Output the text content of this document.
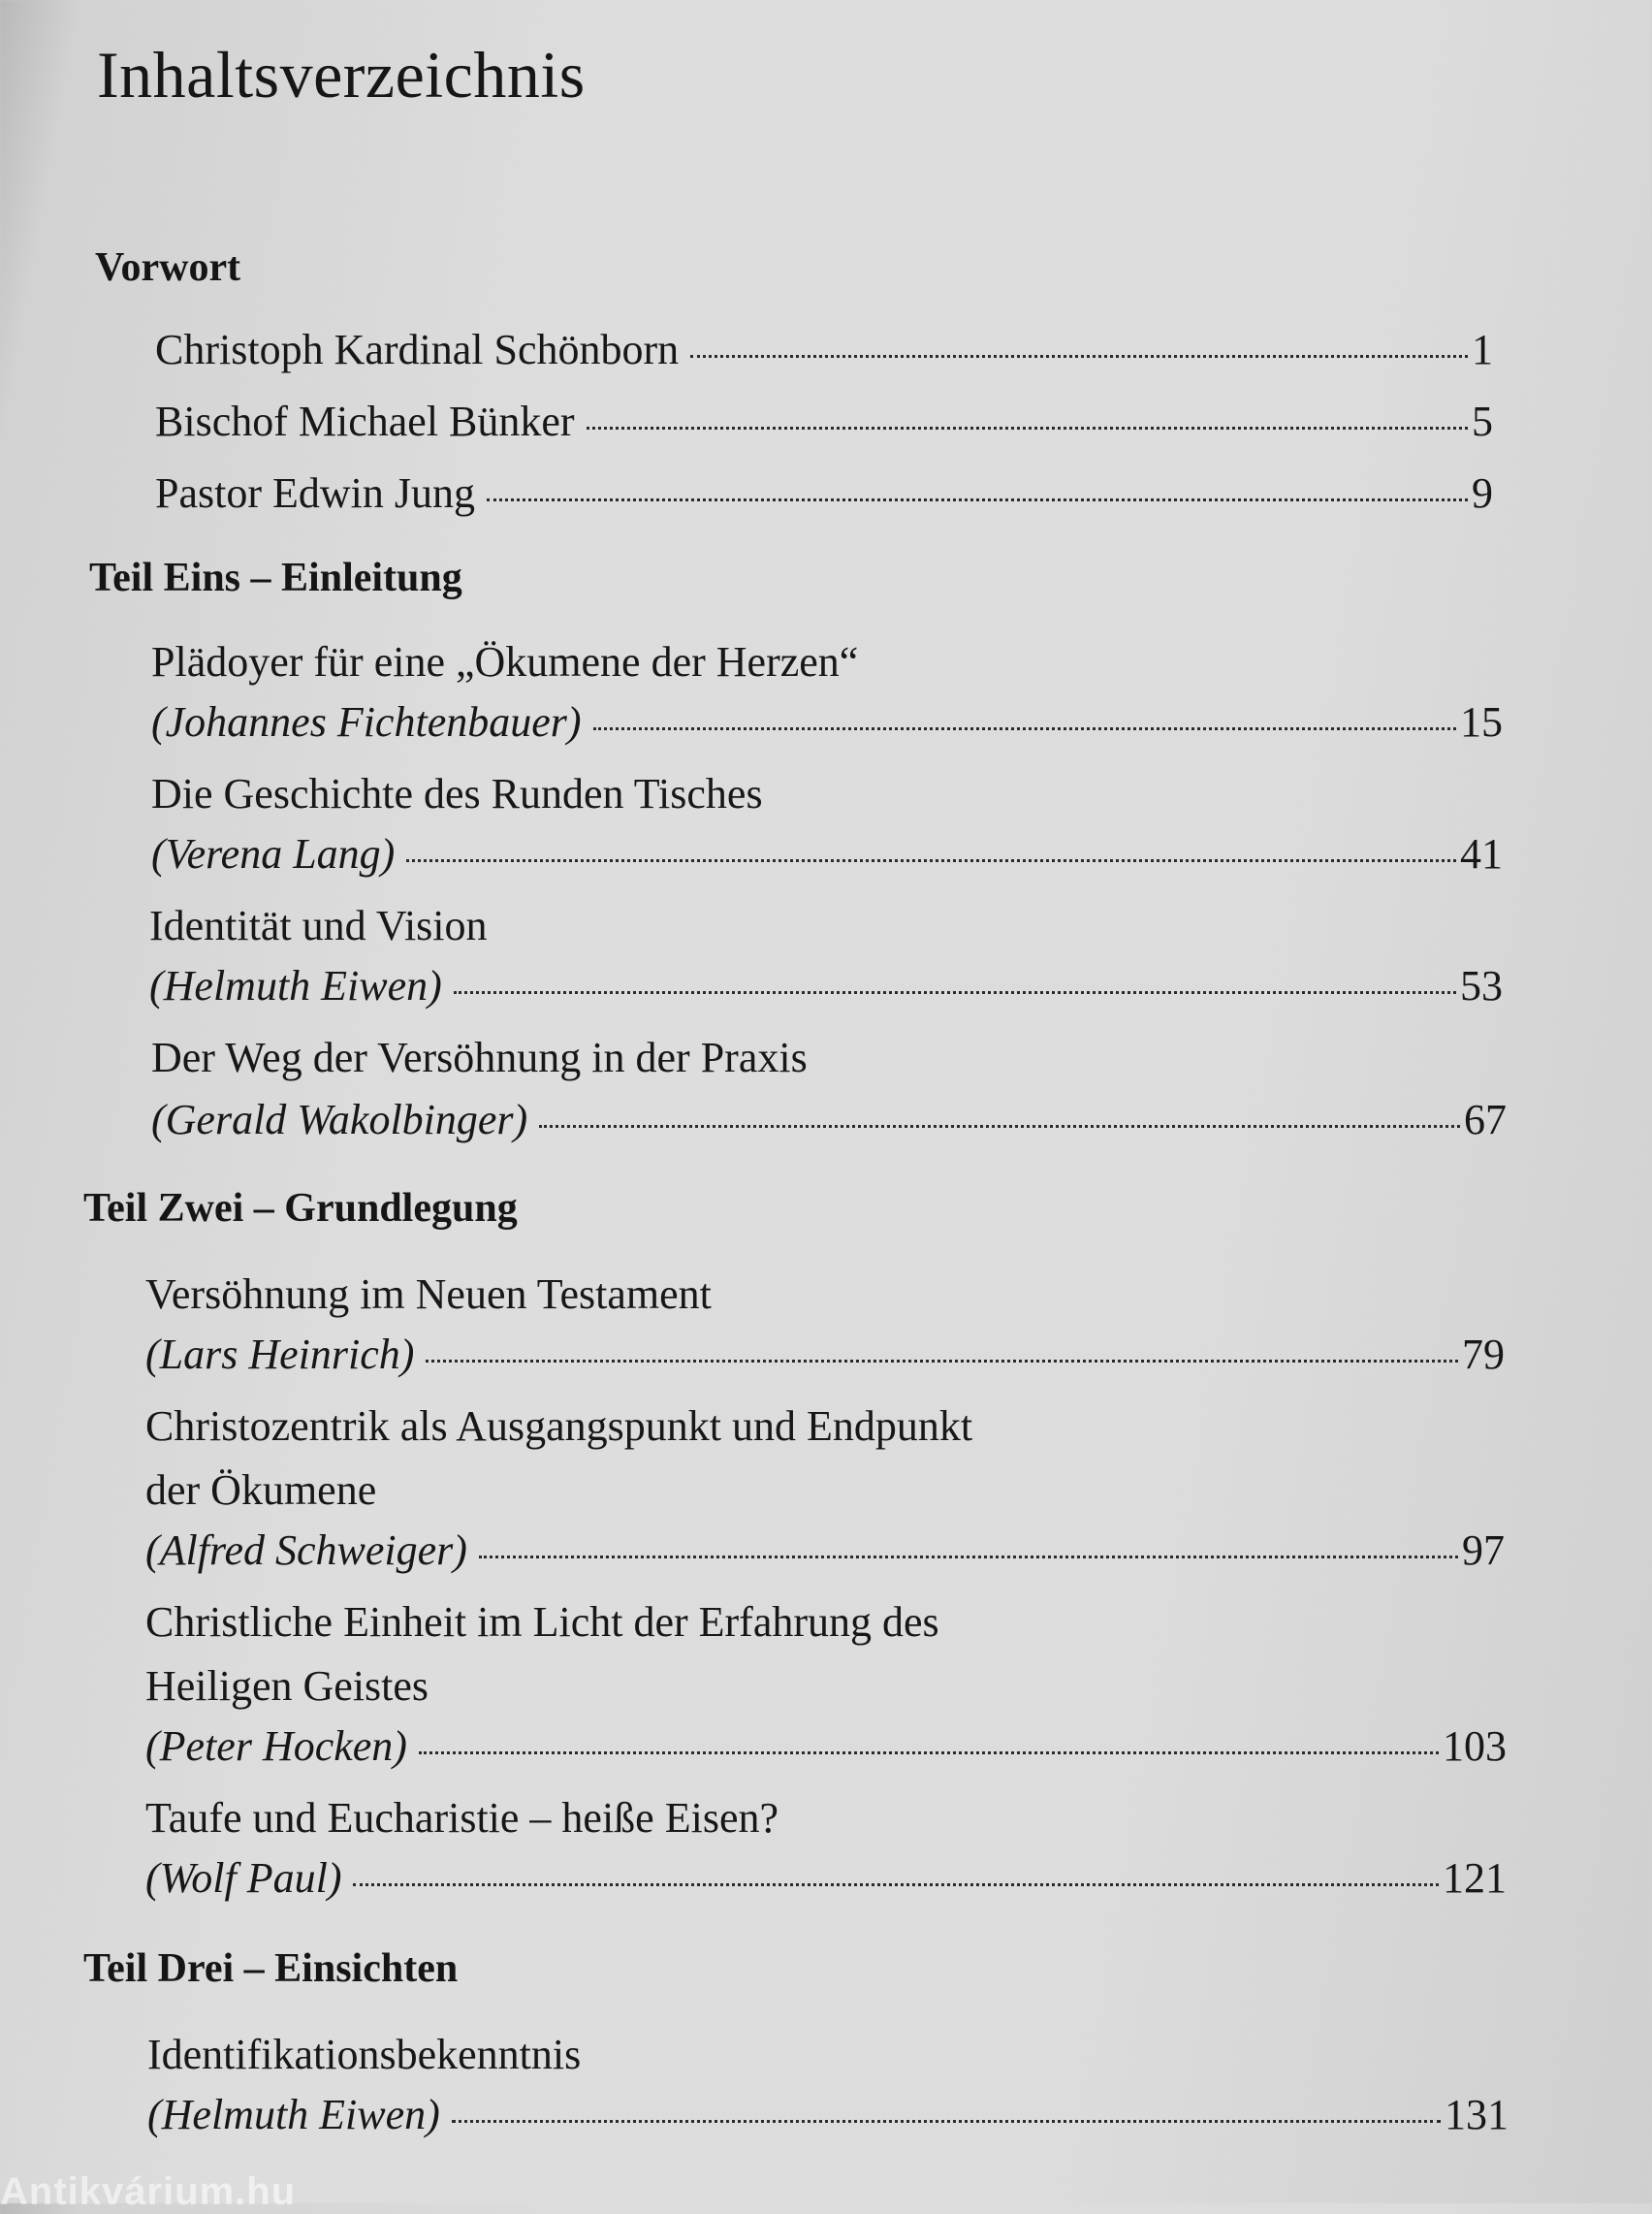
Inhaltsverzeichnis
Vorwort
Christoph Kardinal Schönborn	1
Bischof Michael Bünker	5
Pastor Edwin Jung	9
Teil Eins – Einleitung
Plädoyer für eine „Ökumene der Herzen“
(Johannes Fichtenbauer)	15
Die Geschichte des Runden Tisches
(Verena Lang)	41
Identität und Vision
(Helmuth Eiwen)	53
Der Weg der Versöhnung in der Praxis
(Gerald Wakolbinger)	67
Teil Zwei – Grundlegung
Versöhnung im Neuen Testament
(Lars Heinrich)	79
Christozentrik als Ausgangspunkt und Endpunkt
der Ökumene
(Alfred Schweiger)	97
Christliche Einheit im Licht der Erfahrung des
Heiligen Geistes
(Peter Hocken)	103
Taufe und Eucharistie – heiße Eisen?
(Wolf Paul)	121
Teil Drei – Einsichten
Identifikationsbekenntnis
(Helmuth Eiwen)	131
Antikvárium.hu
